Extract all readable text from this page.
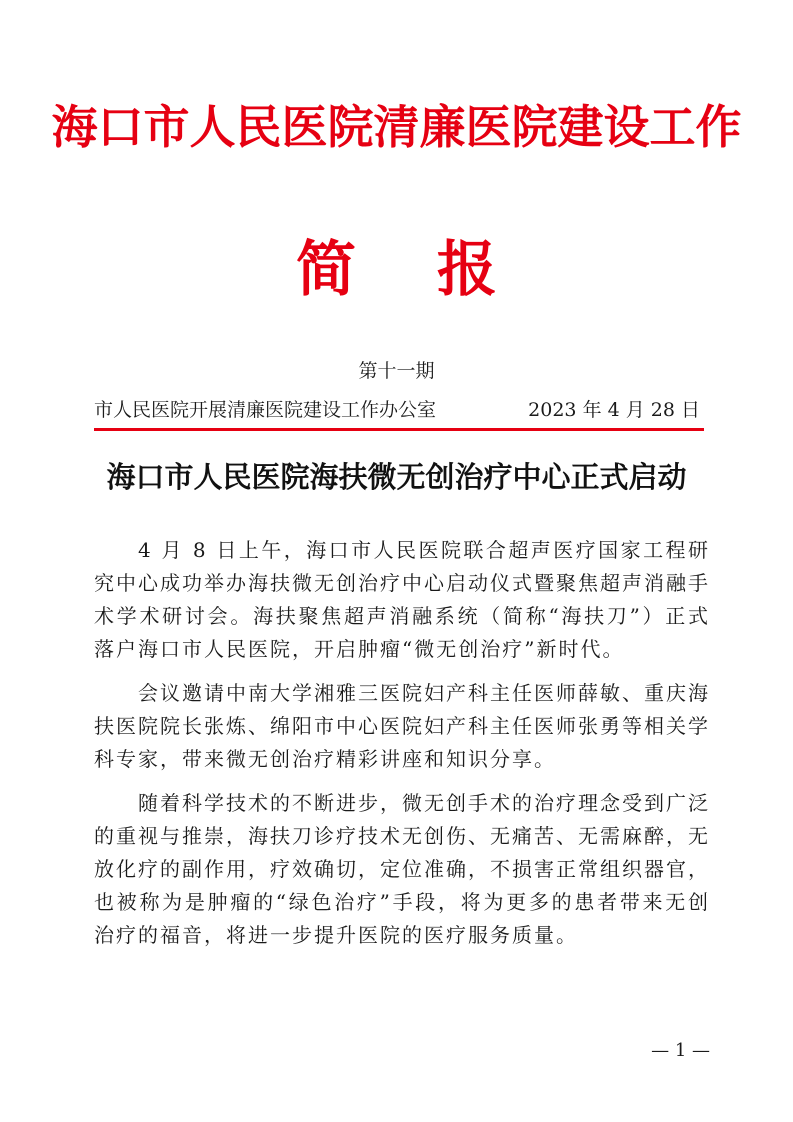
海口市人民医院清廉医院建设工作
简 报
第十一期
市人民医院开展清廉医院建设工作办公室	2023 年 4 月 28 日
海口市人民医院海扶微无创治疗中心正式启动

4 月 8 日上午，海口市人民医院联合超声医疗国家工程研究中心成功举办海扶微无创治疗中心启动仪式暨聚焦超声消融手术学术研讨会。海扶聚焦超声消融系统（简称“海扶刀”）正式落户海口市人民医院，开启肿瘤“微无创治疗”新时代。

会议邀请中南大学湘雅三医院妇产科主任医师薛敏、重庆海扶医院院长张炼、绵阳市中心医院妇产科主任医师张勇等相关学科专家，带来微无创治疗精彩讲座和知识分享。

随着科学技术的不断进步，微无创手术的治疗理念受到广泛的重视与推崇，海扶刀诊疗技术无创伤、无痛苦、无需麻醉，无放化疗的副作用，疗效确切，定位准确，不损害正常组织器官，也被称为是肿瘤的“绿色治疗”手段，将为更多的患者带来无创治疗的福音，将进一步提升医院的医疗服务质量。

— 1 —
